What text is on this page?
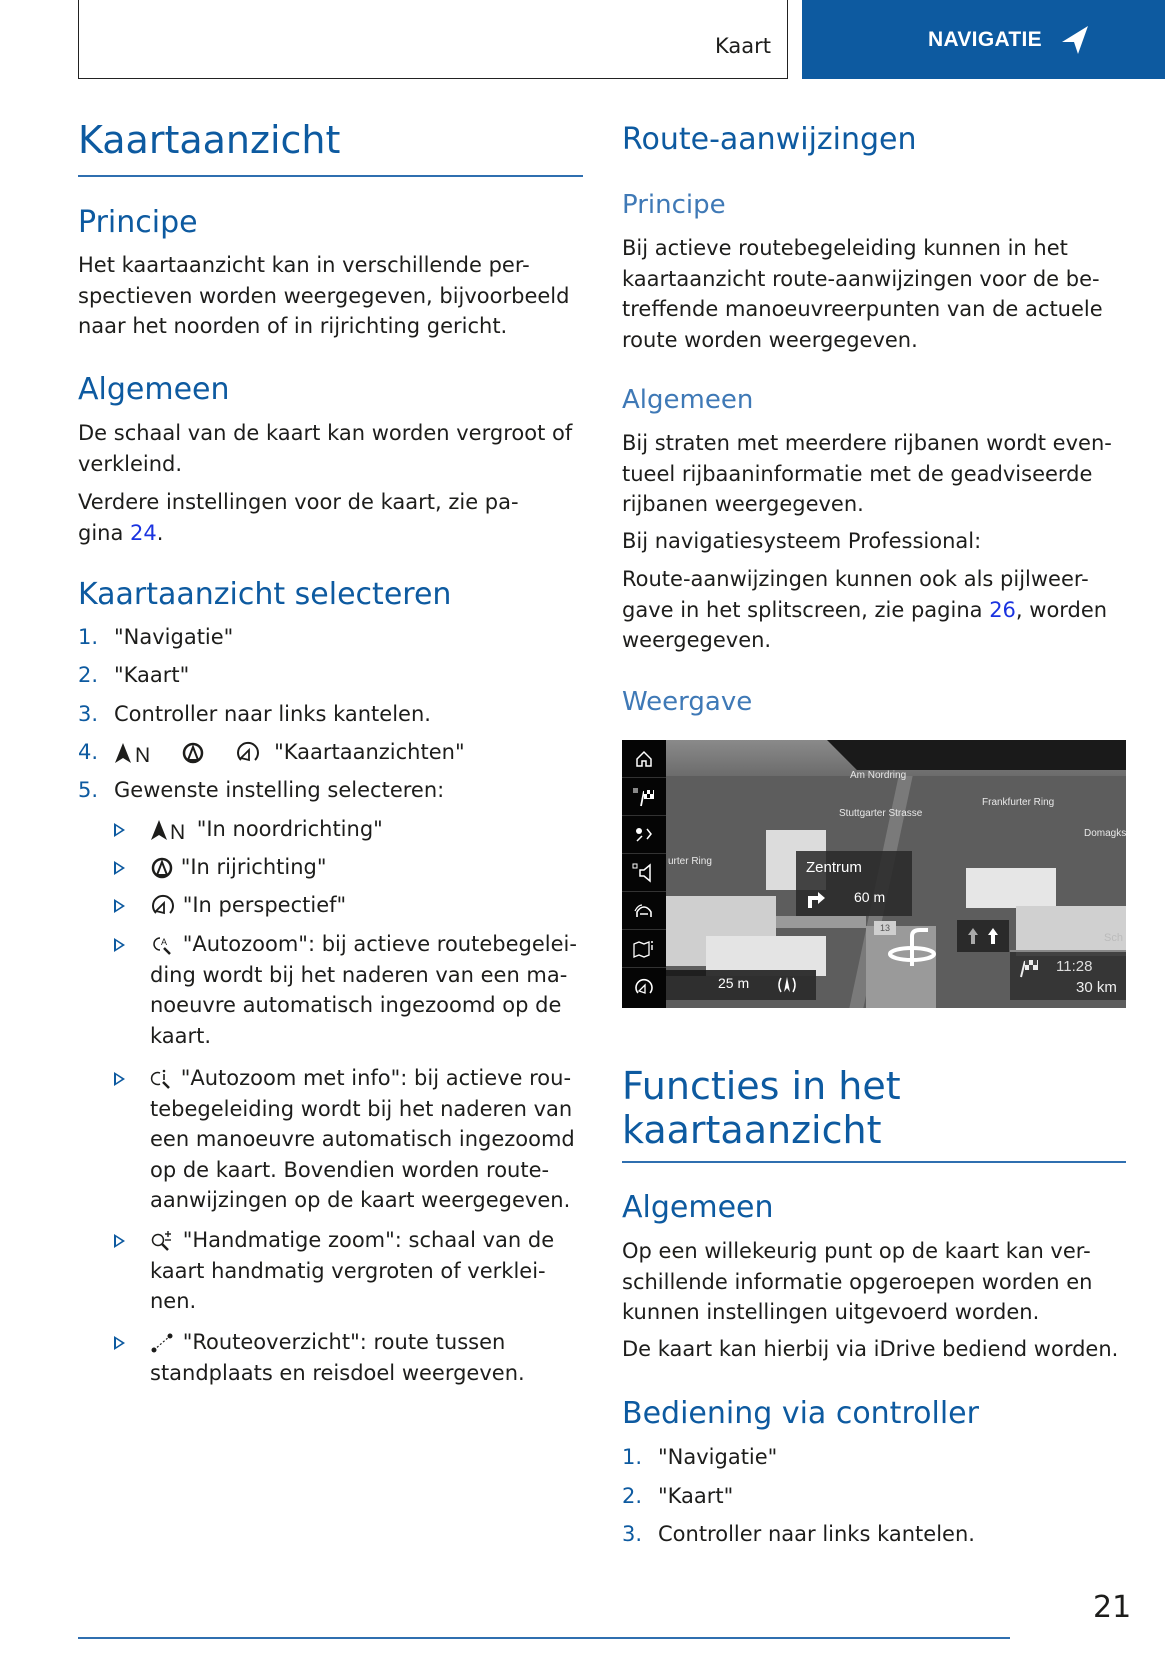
Kaart	NAVIGATIE
Kaartaanzicht
Principe
Het kaartaanzicht kan in verschillende per-
spectieven worden weergegeven, bijvoorbeeld
naar het noorden of in rijrichting gericht.
Algemeen
De schaal van de kaart kan worden vergroot of
verkleind.
Verdere instellingen voor de kaart, zie pa-
gina 24.
Kaartaanzicht selecteren
1. "Navigatie"
2. "Kaart"
3. Controller naar links kantelen.
4. N	"Kaartaanzichten"
5. Gewenste instelling selecteren:
N "In noordrichting"
"In rijrichting"
"In perspectief"
A "Autozoom": bij actieve routebegelei-
ding wordt bij het naderen van een ma-
noeuvre automatisch ingezoomd op de
kaart.
"Autozoom met info": bij actieve rou-
tebegeleiding wordt bij het naderen van
een manoeuvre automatisch ingezoomd
op de kaart. Bovendien worden route-
aanwijzingen op de kaart weergegeven.
"Handmatige zoom": schaal van de
kaart handmatig vergroten of verklei-
nen.
"Routeoverzicht": route tussen
standplaats en reisdoel weergeven.
Route-aanwijzingen
Principe
Bij actieve routebegeleiding kunnen in het
kaartaanzicht route-aanwijzingen voor de be-
treffende manoeuvreerpunten van de actuele
route worden weergegeven.
Algemeen
Bij straten met meerdere rijbanen wordt even-
tueel rijbaaninformatie met de geadviseerde
rijbanen weergegeven.
Bij navigatiesysteem Professional:
Route-aanwijzingen kunnen ook als pijlweer-
gave in het splitscreen, zie pagina 26, worden
weergegeven.
Weergave
Am Nordring
Frankfurter Ring
Stuttgarter Strasse
Domagks
urter Ring
Sch
Zentrum
60 m
13
11:28
30 km
25 m
Functies in het
kaartaanzicht
Algemeen
Op een willekeurig punt op de kaart kan ver-
schillende informatie opgeroepen worden en
kunnen instellingen uitgevoerd worden.
De kaart kan hierbij via iDrive bediend worden.
Bediening via controller
1. "Navigatie"
2. "Kaart"
3. Controller naar links kantelen.
21
